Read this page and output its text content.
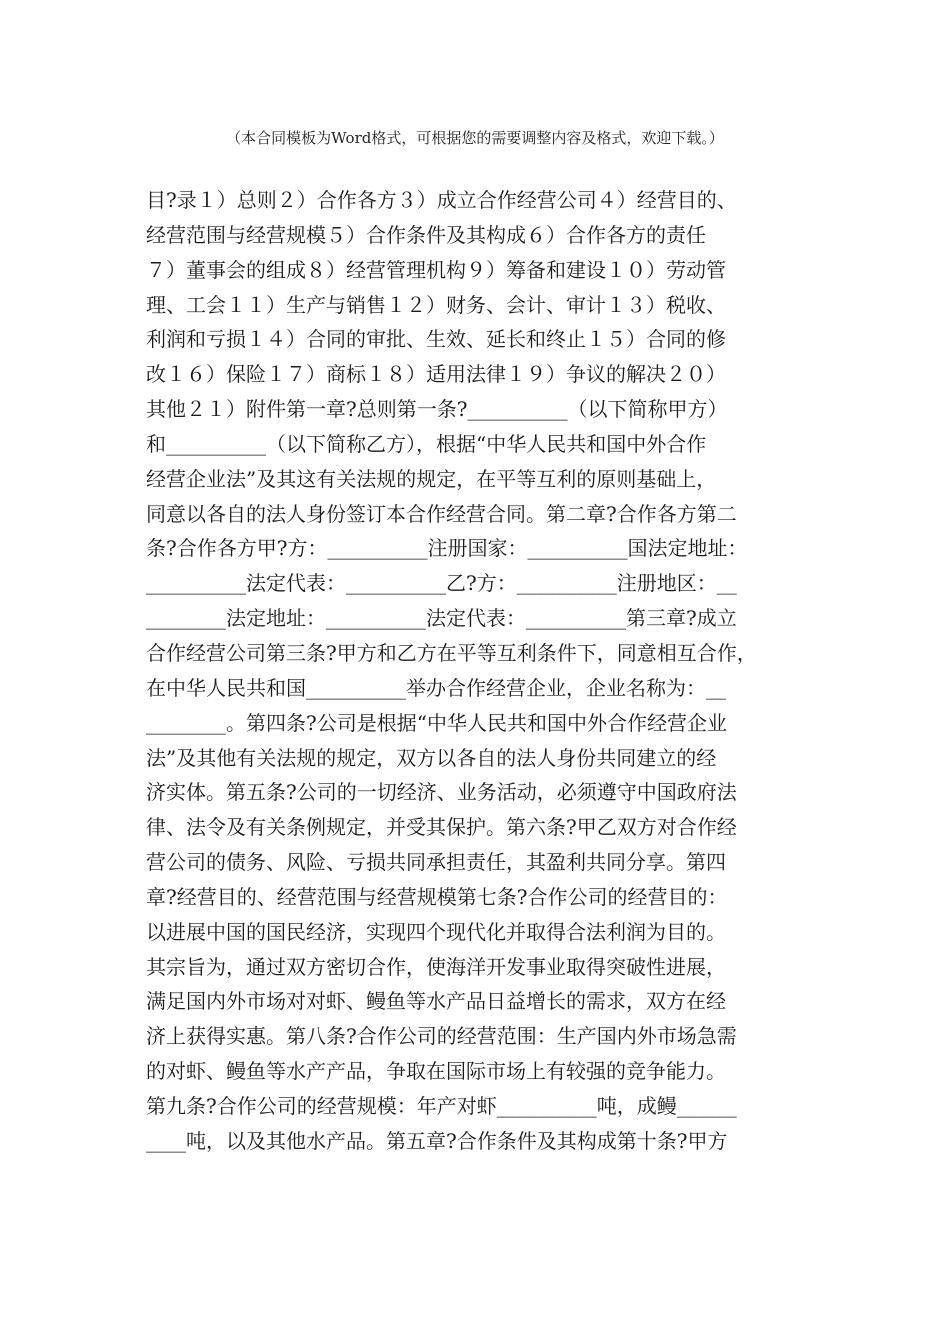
（本合同模板为Word格式，可根据您的需要调整内容及格式，欢迎下载。）
目?录１）总则２）合作各方３）成立合作经营公司４）经营目的、
经营范围与经营规模５）合作条件及其构成６）合作各方的责任
７）董事会的组成８）经营管理机构９）筹备和建设１０）劳动管
理、工会１１）生产与销售１２）财务、会计、审计１３）税收、
利润和亏损１４）合同的审批、生效、延长和终止１５）合同的修
改１６）保险１７）商标１８）适用法律１９）争议的解决２０）
其他２１）附件第一章?总则第一条?__________（以下简称甲方）
和__________（以下简称乙方），根据“中华人民共和国中外合作
经营企业法”及其这有关法规的规定，在平等互利的原则基础上，
同意以各自的法人身份签订本合作经营合同。第二章?合作各方第二
条?合作各方甲?方：__________注册国家：__________国法定地址：
__________法定代表：__________乙?方：__________注册地区：__
________法定地址：__________法定代表：__________第三章?成立
合作经营公司第三条?甲方和乙方在平等互利条件下，同意相互合作，
在中华人民共和国__________举办合作经营企业，企业名称为：__
________。第四条?公司是根据“中华人民共和国中外合作经营企业
法”及其他有关法规的规定，双方以各自的法人身份共同建立的经
济实体。第五条?公司的一切经济、业务活动，必须遵守中国政府法
律、法令及有关条例规定，并受其保护。第六条?甲乙双方对合作经
营公司的债务、风险、亏损共同承担责任，其盈利共同分享。第四
章?经营目的、经营范围与经营规模第七条?合作公司的经营目的：
以进展中国的国民经济，实现四个现代化并取得合法利润为目的。
其宗旨为，通过双方密切合作，使海洋开发事业取得突破性进展，
满足国内外市场对对虾、鳗鱼等水产品日益增长的需求，双方在经
济上获得实惠。第八条?合作公司的经营范围：生产国内外市场急需
的对虾、鳗鱼等水产产品，争取在国际市场上有较强的竞争能力。
第九条?合作公司的经营规模：年产对虾__________吨，成鳗______
____吨，以及其他水产品。第五章?合作条件及其构成第十条?甲方
